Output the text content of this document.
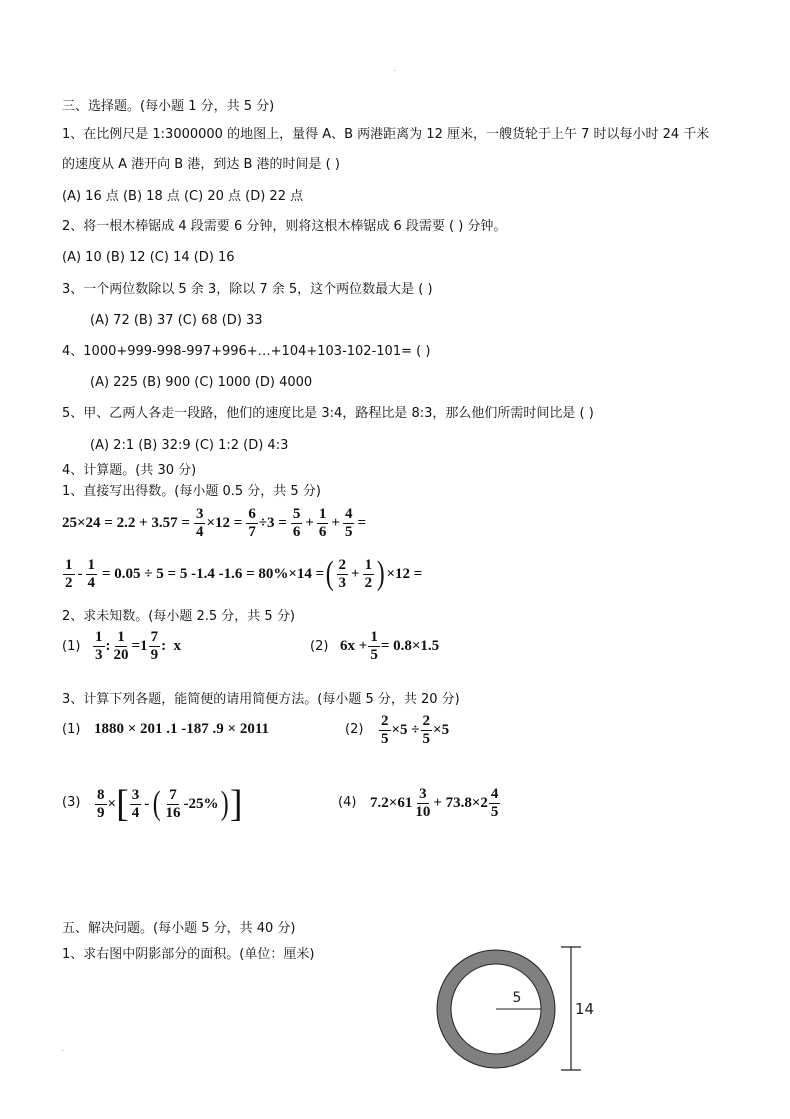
.
.
三、选择题。(每小题 1 分，共 5 分)
1、在比例尺是 1:3000000 的地图上，量得 A、B 两港距离为 12 厘米，一艘货轮于上午 7 时以每小时 24 千米
的速度从 A 港开向 B 港，到达 B 港的时间是 ( )
(A) 16 点 (B) 18 点 (C) 20 点 (D) 22 点
2、将一根木棒锯成 4 段需要 6 分钟，则将这根木棒锯成 6 段需要 ( ) 分钟。
(A) 10 (B) 12 (C) 14 (D) 16
3、一个两位数除以 5 余 3，除以 7 余 5，这个两位数最大是 ( )
(A) 72 (B) 37 (C) 68 (D) 33
4、1000+999-998-997+996+…+104+103-102-101= ( )
(A) 225 (B) 900 (C) 1000 (D) 4000
5、甲、乙两人各走一段路，他们的速度比是 3:4，路程比是 8:3，那么他们所需时间比是 ( )
(A) 2:1 (B) 32:9 (C) 1:2 (D) 4:3
4、计算题。(共 30 分)
1、直接写出得数。(每小题 0.5 分，共 5 分)
$25\times 24 = 2.2 + 3.57 = \frac{3}{4} \times 12 = \frac{6}{7} \div 3 = \frac{5}{6} + \frac{1}{6} + \frac{4}{5}$ =
$\frac{1}{2} - \frac{1}{4} = 0.05 \div 5 = 5$ -1.4 -1.6 = 80%×14 = ( $\frac{2}{3} + \frac{1}{2}$ ) ×12 =
2、求未知数。(每小题 2.5 分，共 5 分)
$(1) \frac{1}{3}$ : $\frac{1}{20} =1 \frac{7}{9}$ :  x	(2) $6x + \frac{1}{5} = 0.8\times 1.5$
3、计算下列各题，能简便的请用简便方法。(每小题 5 分，共 20 分)
(1) 1880 × 201 .1 -187 .9 × 2011	$(2) \frac{2}{5} \times 5 \div \frac{2}{5} \times 5$
$(3) \frac{8}{9}$ × [ $\frac{3}{4}$ - ( $\frac{7}{16} -25\%$ ) ]	(4) $7.2\times 61 \frac{3}{10} + 73.8\times 2 \frac{4}{5}$
五、解决问题。(每小题 5 分，共 40 分)
1、求右图中阴影部分的面积。(单位：厘米)
5
14
